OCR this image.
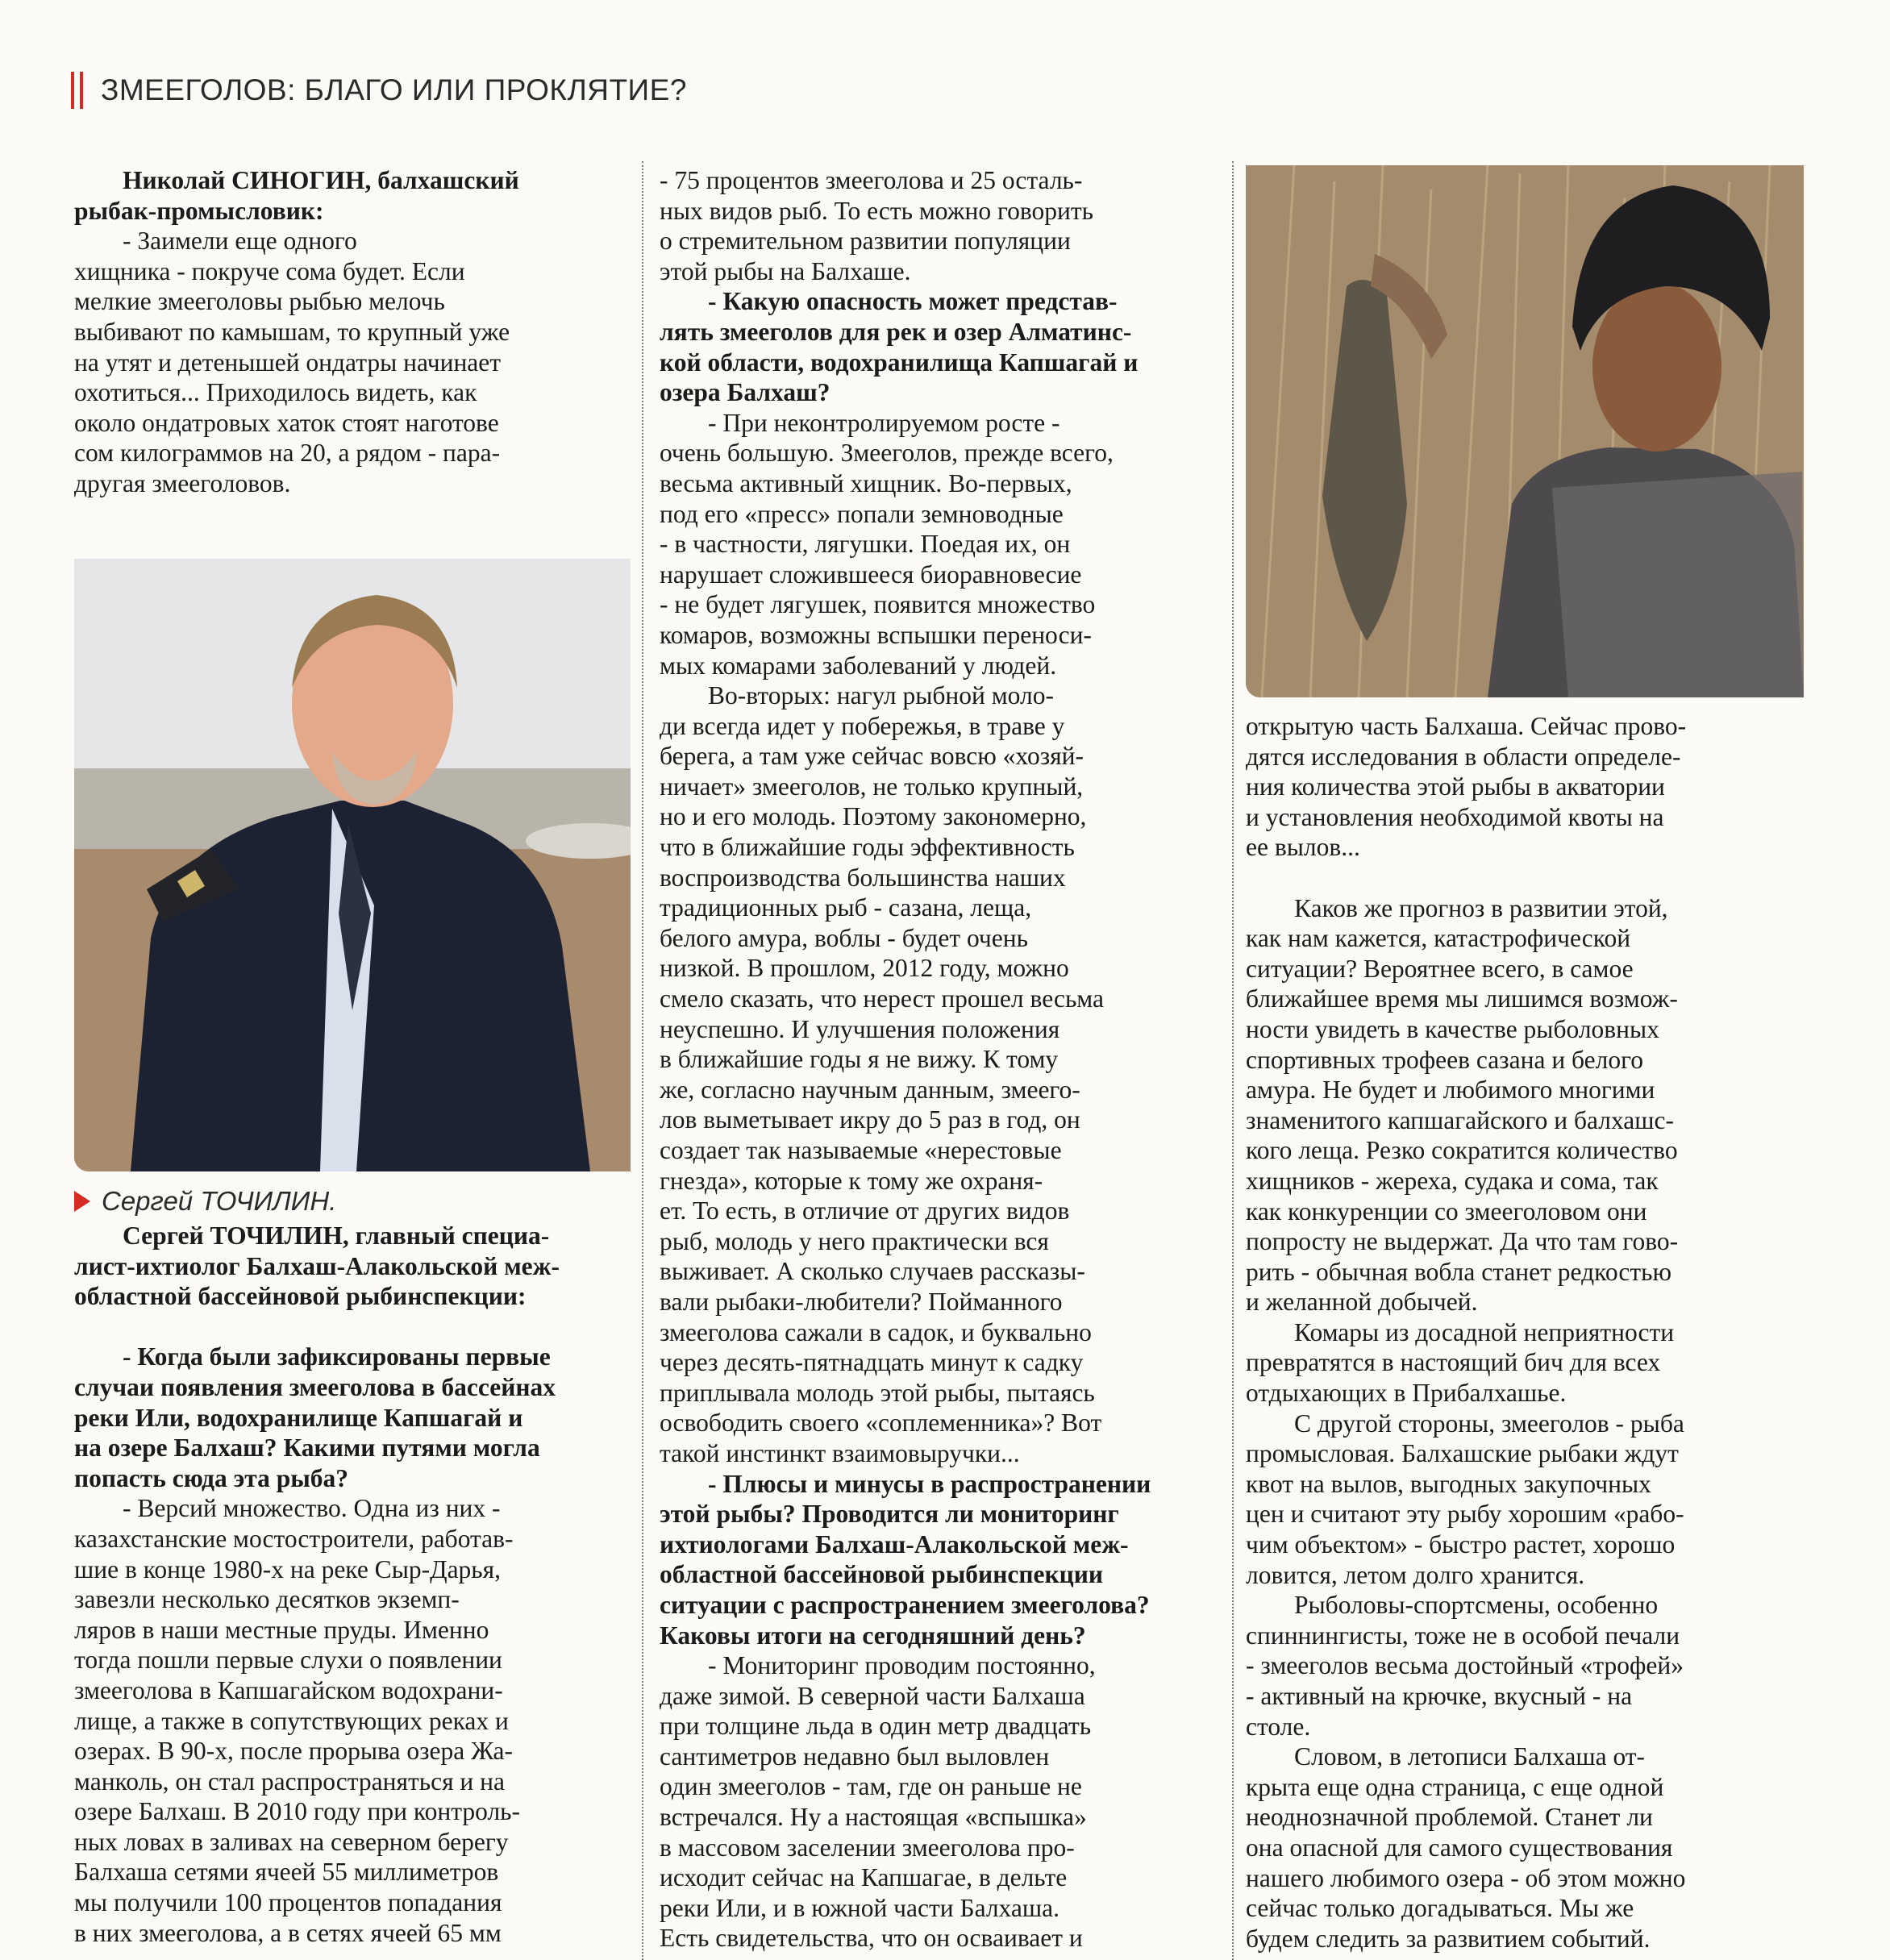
ЗМЕЕГОЛОВ: БЛАГО ИЛИ ПРОКЛЯТИЕ?

Николай СИНОГИН, балхашский

рыбак-промысловик:

- Заимели еще одного

хищника - покруче сома будет. Если

мелкие змееголовы рыбью мелочь

выбивают по камышам, то крупный уже

на утят и детенышей ондатры начинает

охотиться... Приходилось видеть, как

около ондатровых хаток стоят наготове

сом килограммов на 20, а рядом - пара-

другая змееголовов.

Сергей ТОЧИЛИН.

Сергей ТОЧИЛИН, главный специа-

лист-ихтиолог Балхаш-Алакольской меж-

областной бассейновой рыбинспекции:

- Когда были зафиксированы первые

случаи появления змееголова в бассейнах

реки Или, водохранилище Капшагай и

на озере Балхаш? Какими путями могла

попасть сюда эта рыба?

- Версий множество. Одна из них -

казахстанские мостостроители, работав-

шие в конце 1980-х на реке Сыр-Дарья,

завезли несколько десятков экземп-

ляров в наши местные пруды. Именно

тогда пошли первые слухи о появлении

змееголова в Капшагайском водохрани-

лище, а также в сопутствующих реках и

озерах. В 90-х, после прорыва озера Жа-

манколь, он стал распространяться и на

озере Балхаш. В 2010 году при контроль-

ных ловах в заливах на северном берегу

Балхаша сетями ячеей 55 миллиметров

мы получили 100 процентов попадания

в них змееголова, а в сетях ячеей 65 мм

- 75 процентов змееголова и 25 осталь-

ных видов рыб. То есть можно говорить

о стремительном развитии популяции

этой рыбы на Балхаше.

- Какую опасность может представ-

лять змееголов для рек и озер Алматинс-

кой области, водохранилища Капшагай и

озера Балхаш?

- При неконтролируемом росте -

очень большую. Змееголов, прежде всего,

весьма активный хищник. Во-первых,

под его «пресс» попали земноводные

- в частности, лягушки. Поедая их, он

нарушает сложившееся биоравновесие

- не будет лягушек, появится множество

комаров, возможны вспышки переноси-

мых комарами заболеваний у людей.

Во-вторых: нагул рыбной моло-

ди всегда идет у побережья, в траве у

берега, а там уже сейчас вовсю «хозяй-

ничает» змееголов, не только крупный,

но и его молодь. Поэтому закономерно,

что в ближайшие годы эффективность

воспроизводства большинства наших

традиционных рыб - сазана, леща,

белого амура, воблы - будет очень

низкой. В прошлом, 2012 году, можно

смело сказать, что нерест прошел весьма

неуспешно. И улучшения положения

в ближайшие годы я не вижу. К тому

же, согласно научным данным, змеего-

лов выметывает икру до 5 раз в год, он

создает так называемые «нерестовые

гнезда», которые к тому же охраня-

ет. То есть, в отличие от других видов

рыб, молодь у него практически вся

выживает. А сколько случаев рассказы-

вали рыбаки-любители? Пойманного

змееголова сажали в садок, и буквально

через десять-пятнадцать минут к садку

приплывала молодь этой рыбы, пытаясь

освободить своего «соплеменника»? Вот

такой инстинкт взаимовыручки...

- Плюсы и минусы в распространении

этой рыбы? Проводится ли мониторинг

ихтиологами Балхаш-Алакольской меж-

областной бассейновой рыбинспекции

ситуации с распространением змееголова?

Каковы итоги на сегодняшний день?

- Мониторинг проводим постоянно,

даже зимой. В северной части Балхаша

при толщине льда в один метр двадцать

сантиметров недавно был выловлен

один змееголов - там, где он раньше не

встречался. Ну а настоящая «вспышка»

в массовом заселении змееголова про-

исходит сейчас на Капшагае, в дельте

реки Или, и в южной части Балхаша.

Есть свидетельства, что он осваивает и

открытую часть Балхаша. Сейчас прово-

дятся исследования в области определе-

ния количества этой рыбы в акватории

и установления необходимой квоты на

ее вылов...

Каков же прогноз в развитии этой,

как нам кажется, катастрофической

ситуации? Вероятнее всего, в самое

ближайшее время мы лишимся возмож-

ности увидеть в качестве рыболовных

спортивных трофеев сазана и белого

амура. Не будет и любимого многими

знаменитого капшагайского и балхашс-

кого леща. Резко сократится количество

хищников - жереха, судака и сома, так

как конкуренции со змееголовом они

попросту не выдержат. Да что там гово-

рить - обычная вобла станет редкостью

и желанной добычей.

Комары из досадной неприятности

превратятся в настоящий бич для всех

отдыхающих в Прибалхашье.

С другой стороны, змееголов - рыба

промысловая. Балхашские рыбаки ждут

квот на вылов, выгодных закупочных

цен и считают эту рыбу хорошим «рабо-

чим объектом» - быстро растет, хорошо

ловится, летом долго хранится.

Рыболовы-спортсмены, особенно

спиннингисты, тоже не в особой печали

- змееголов весьма достойный «трофей»

- активный на крючке, вкусный - на

столе.

Словом, в летописи Балхаша от-

крыта еще одна страница, с еще одной

неоднозначной проблемой. Станет ли

она опасной для самого существования

нашего любимого озера - об этом можно

сейчас только догадываться. Мы же

будем следить за развитием событий.
